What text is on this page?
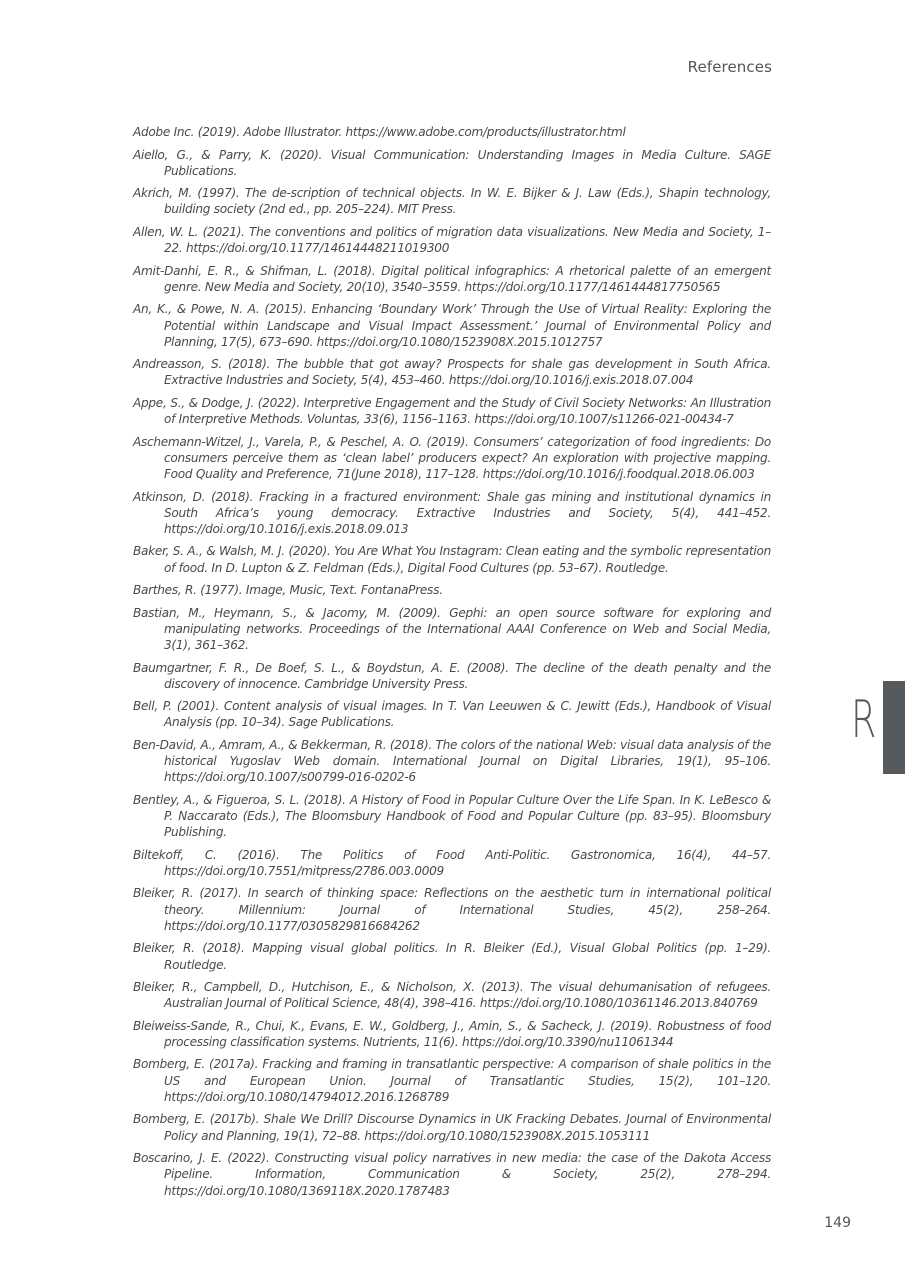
References
Adobe Inc. (2019). Adobe Illustrator. https://www.adobe.com/products/illustrator.html
Aiello, G., & Parry, K. (2020). Visual Communication: Understanding Images in Media Culture. SAGE Publications.
Akrich, M. (1997). The de-scription of technical objects. In W. E. Bijker & J. Law (Eds.), Shapin technology, building society (2nd ed., pp. 205–224). MIT Press.
Allen, W. L. (2021). The conventions and politics of migration data visualizations. New Media and Society, 1–22. https://doi.org/10.1177/14614448211019300
Amit-Danhi, E. R., & Shifman, L. (2018). Digital political infographics: A rhetorical palette of an emergent genre. New Media and Society, 20(10), 3540–3559. https://doi.org/10.1177/1461444817750565
An, K., & Powe, N. A. (2015). Enhancing ‘Boundary Work’ Through the Use of Virtual Reality: Exploring the Potential within Landscape and Visual Impact Assessment.’ Journal of Environmental Policy and Planning, 17(5), 673–690. https://doi.org/10.1080/1523908X.2015.1012757
Andreasson, S. (2018). The bubble that got away? Prospects for shale gas development in South Africa. Extractive Industries and Society, 5(4), 453–460. https://doi.org/10.1016/j.exis.2018.07.004
Appe, S., & Dodge, J. (2022). Interpretive Engagement and the Study of Civil Society Networks: An Illustration of Interpretive Methods. Voluntas, 33(6), 1156–1163. https://doi.org/10.1007/s11266-021-00434-7
Aschemann-Witzel, J., Varela, P., & Peschel, A. O. (2019). Consumers’ categorization of food ingredients: Do consumers perceive them as ‘clean label’ producers expect? An exploration with projective mapping. Food Quality and Preference, 71(June 2018), 117–128. https://doi.org/10.1016/j.foodqual.2018.06.003
Atkinson, D. (2018). Fracking in a fractured environment: Shale gas mining and institutional dynamics in South Africa’s young democracy. Extractive Industries and Society, 5(4), 441–452. https://doi.org/10.1016/j.exis.2018.09.013
Baker, S. A., & Walsh, M. J. (2020). You Are What You Instagram: Clean eating and the symbolic representation of food. In D. Lupton & Z. Feldman (Eds.), Digital Food Cultures (pp. 53–67). Routledge.
Barthes, R. (1977). Image, Music, Text. FontanaPress.
Bastian, M., Heymann, S., & Jacomy, M. (2009). Gephi: an open source software for exploring and manipulating networks. Proceedings of the International AAAI Conference on Web and Social Media, 3(1), 361–362.
Baumgartner, F. R., De Boef, S. L., & Boydstun, A. E. (2008). The decline of the death penalty and the discovery of innocence. Cambridge University Press.
Bell, P. (2001). Content analysis of visual images. In T. Van Leeuwen & C. Jewitt (Eds.), Handbook of Visual Analysis (pp. 10–34). Sage Publications.
Ben-David, A., Amram, A., & Bekkerman, R. (2018). The colors of the national Web: visual data analysis of the historical Yugoslav Web domain. International Journal on Digital Libraries, 19(1), 95–106. https://doi.org/10.1007/s00799-016-0202-6
Bentley, A., & Figueroa, S. L. (2018). A History of Food in Popular Culture Over the Life Span. In K. LeBesco & P. Naccarato (Eds.), The Bloomsbury Handbook of Food and Popular Culture (pp. 83–95). Bloomsbury Publishing.
Biltekoff, C. (2016). The Politics of Food Anti-Politic. Gastronomica, 16(4), 44–57. https://doi.org/10.7551/mitpress/2786.003.0009
Bleiker, R. (2017). In search of thinking space: Reflections on the aesthetic turn in international political theory. Millennium: Journal of International Studies, 45(2), 258–264. https://doi.org/10.1177/0305829816684262
Bleiker, R. (2018). Mapping visual global politics. In R. Bleiker (Ed.), Visual Global Politics (pp. 1–29). Routledge.
Bleiker, R., Campbell, D., Hutchison, E., & Nicholson, X. (2013). The visual dehumanisation of refugees. Australian Journal of Political Science, 48(4), 398–416. https://doi.org/10.1080/10361146.2013.840769
Bleiweiss-Sande, R., Chui, K., Evans, E. W., Goldberg, J., Amin, S., & Sacheck, J. (2019). Robustness of food processing classification systems. Nutrients, 11(6). https://doi.org/10.3390/nu11061344
Bomberg, E. (2017a). Fracking and framing in transatlantic perspective: A comparison of shale politics in the US and European Union. Journal of Transatlantic Studies, 15(2), 101–120. https://doi.org/10.1080/14794012.2016.1268789
Bomberg, E. (2017b). Shale We Drill? Discourse Dynamics in UK Fracking Debates. Journal of Environmental Policy and Planning, 19(1), 72–88. https://doi.org/10.1080/1523908X.2015.1053111
Boscarino, J. E. (2022). Constructing visual policy narratives in new media: the case of the Dakota Access Pipeline. Information, Communication & Society, 25(2), 278–294. https://doi.org/10.1080/1369118X.2020.1787483
R
149
